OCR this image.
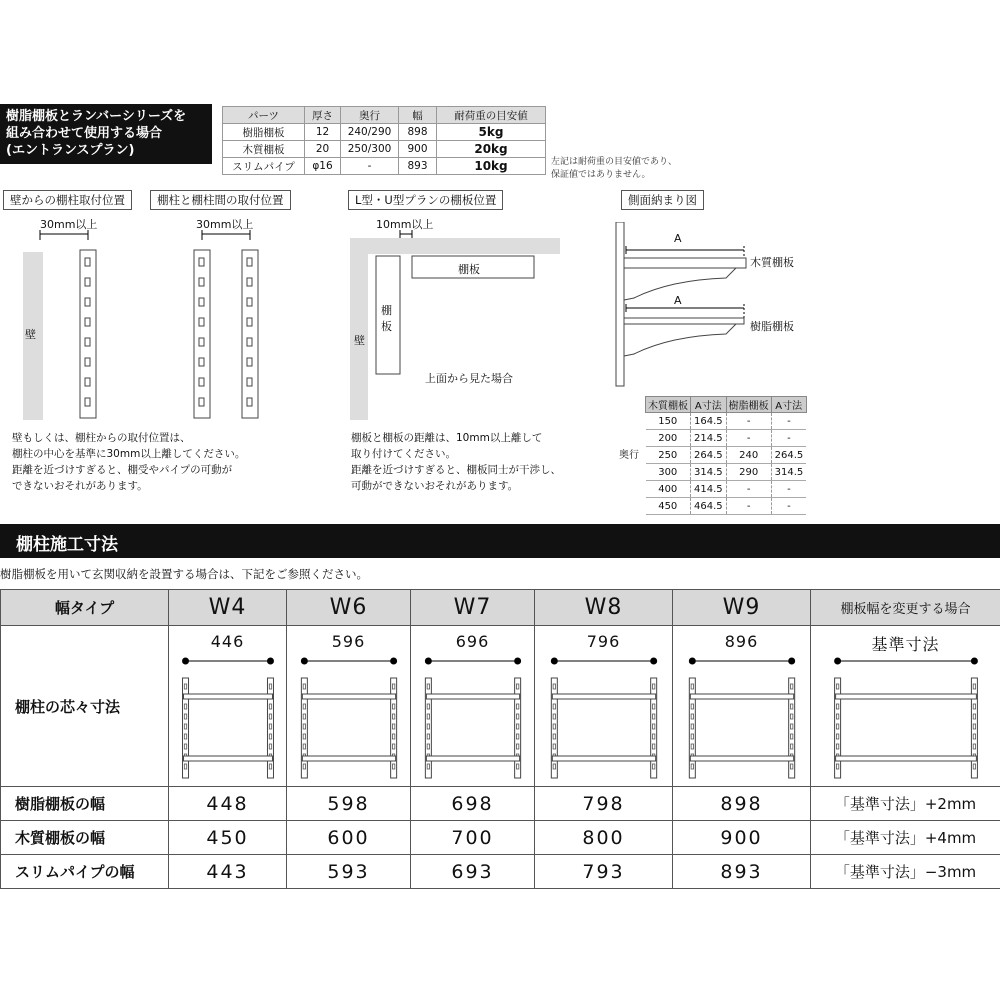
樹脂棚板とランバーシリーズを
組み合わせて使用する場合
(エントランスプラン)
パーツ	厚さ	奥行	幅	耐荷重の目安値
樹脂棚板	12	240/290	898	5kg
木質棚板	20	250/300	900	20kg
スリムパイプ	φ16	-	893	10kg	左記は耐荷重の目安値であり、
保証値ではありません。
壁からの棚柱取付位置
30mm以上
壁
棚柱と棚柱間の取付位置
30mm以上
壁もしくは、棚柱からの取付位置は、
棚柱の中心を基準に30mm以上離してください。
距離を近づけすぎると、棚受やパイプの可動が
できないおそれがあります。
L型・U型プランの棚板位置
10mm以上
棚板
棚
板
壁
上面から見た場合
棚板と棚板の距離は、10mm以上離して
取り付けてください。
距離を近づけすぎると、棚板同士が干渉し、
可動ができないおそれがあります。
側面納まり図
A
A
木質棚板
樹脂棚板
木質棚板	A寸法	樹脂棚板	A寸法
150	164.5	-	-
200	214.5	-	-
250	264.5	240	264.5
300	314.5	290	314.5
400	414.5	-	-
450	464.5	-	-
奥行
棚柱施工寸法
樹脂棚板を用いて玄関収納を設置する場合は、下記をご参照ください。
幅タイプ	W4	W6	W7	W8	W9	棚板幅を変更する場合
棚柱の芯々寸法	446	596	696	796	896	基準寸法

樹脂棚板の幅	448	598	698	798	898	「基準寸法」+2mm
木質棚板の幅	450	600	700	800	900	「基準寸法」+4mm
スリムパイプの幅	443	593	693	793	893	「基準寸法」−3mm
